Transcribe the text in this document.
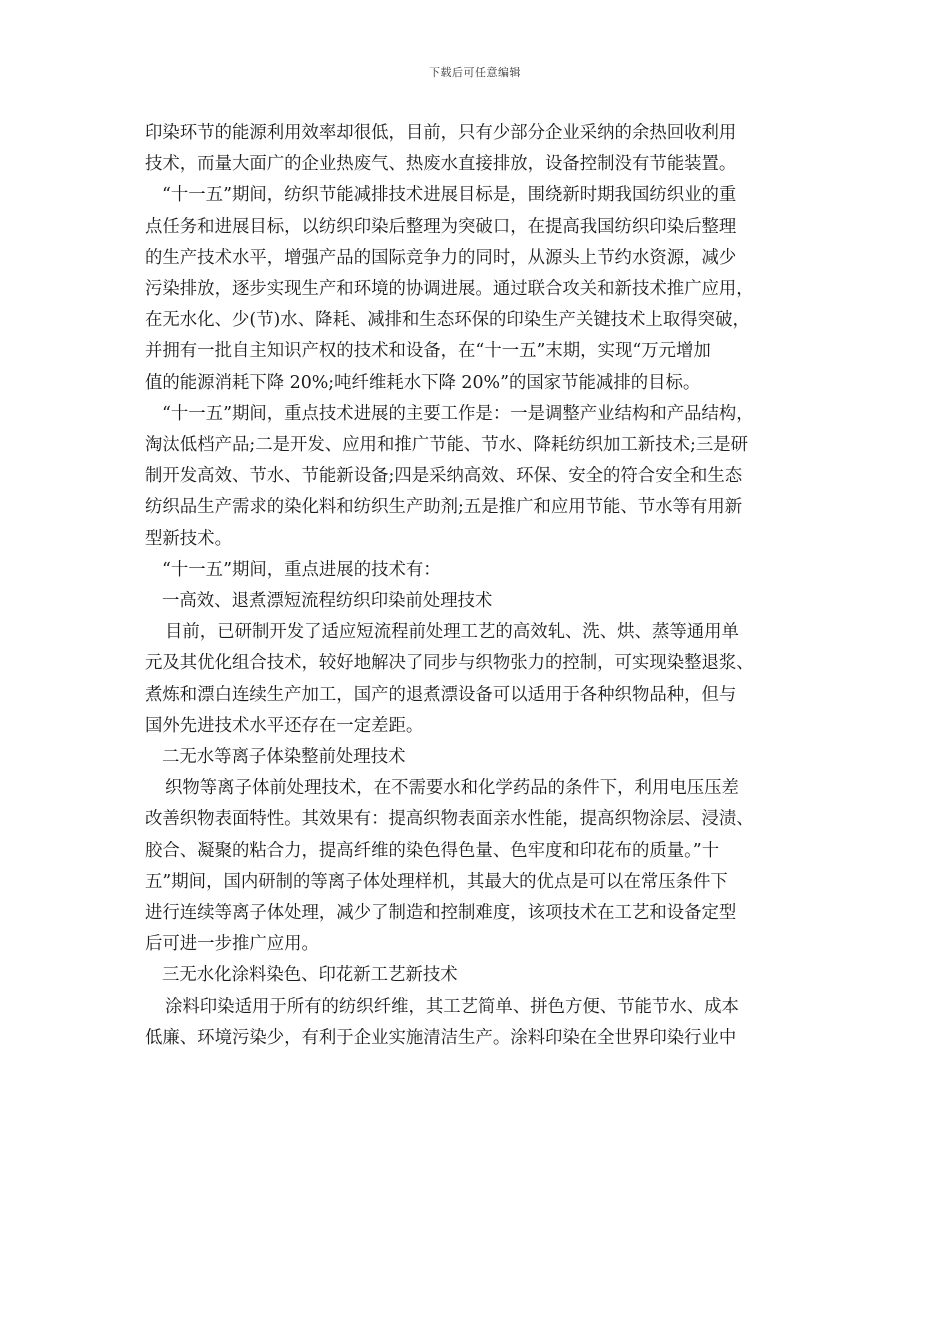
下载后可任意编辑

印染环节的能源利用效率却很低，目前，只有少部分企业采纳的余热回收利用

技术，而量大面广的企业热废气、热废水直接排放，设备控制没有节能装置。

“十一五”期间，纺织节能减排技术进展目标是，围绕新时期我国纺织业的重

点任务和进展目标，以纺织印染后整理为突破口，在提高我国纺织印染后整理

的生产技术水平，增强产品的国际竞争力的同时，从源头上节约水资源，减少

污染排放，逐步实现生产和环境的协调进展。通过联合攻关和新技术推广应用，

在无水化、少(节)水、降耗、减排和生态环保的印染生产关键技术上取得突破，

并拥有一批自主知识产权的技术和设备，在“十一五”末期，实现“万元增加

值的能源消耗下降 20%;吨纤维耗水下降 20%”的国家节能减排的目标。

“十一五”期间，重点技术进展的主要工作是：一是调整产业结构和产品结构，

淘汰低档产品;二是开发、应用和推广节能、节水、降耗纺织加工新技术;三是研

制开发高效、节水、节能新设备;四是采纳高效、环保、安全的符合安全和生态

纺织品生产需求的染化料和纺织生产助剂;五是推广和应用节能、节水等有用新

型新技术。

“十一五”期间，重点进展的技术有：

一高效、退煮漂短流程纺织印染前处理技术

目前，已研制开发了适应短流程前处理工艺的高效轧、洗、烘、蒸等通用单

元及其优化组合技术，较好地解决了同步与织物张力的控制，可实现染整退浆、

煮炼和漂白连续生产加工，国产的退煮漂设备可以适用于各种织物品种，但与

国外先进技术水平还存在一定差距。

二无水等离子体染整前处理技术

织物等离子体前处理技术，在不需要水和化学药品的条件下，利用电压压差

改善织物表面特性。其效果有：提高织物表面亲水性能，提高织物涂层、浸渍、

胶合、凝聚的粘合力，提高纤维的染色得色量、色牢度和印花布的质量。”十

五”期间，国内研制的等离子体处理样机，其最大的优点是可以在常压条件下

进行连续等离子体处理，减少了制造和控制难度，该项技术在工艺和设备定型

后可进一步推广应用。

三无水化涂料染色、印花新工艺新技术

涂料印染适用于所有的纺织纤维，其工艺简单、拼色方便、节能节水、成本

低廉、环境污染少，有利于企业实施清洁生产。涂料印染在全世界印染行业中
